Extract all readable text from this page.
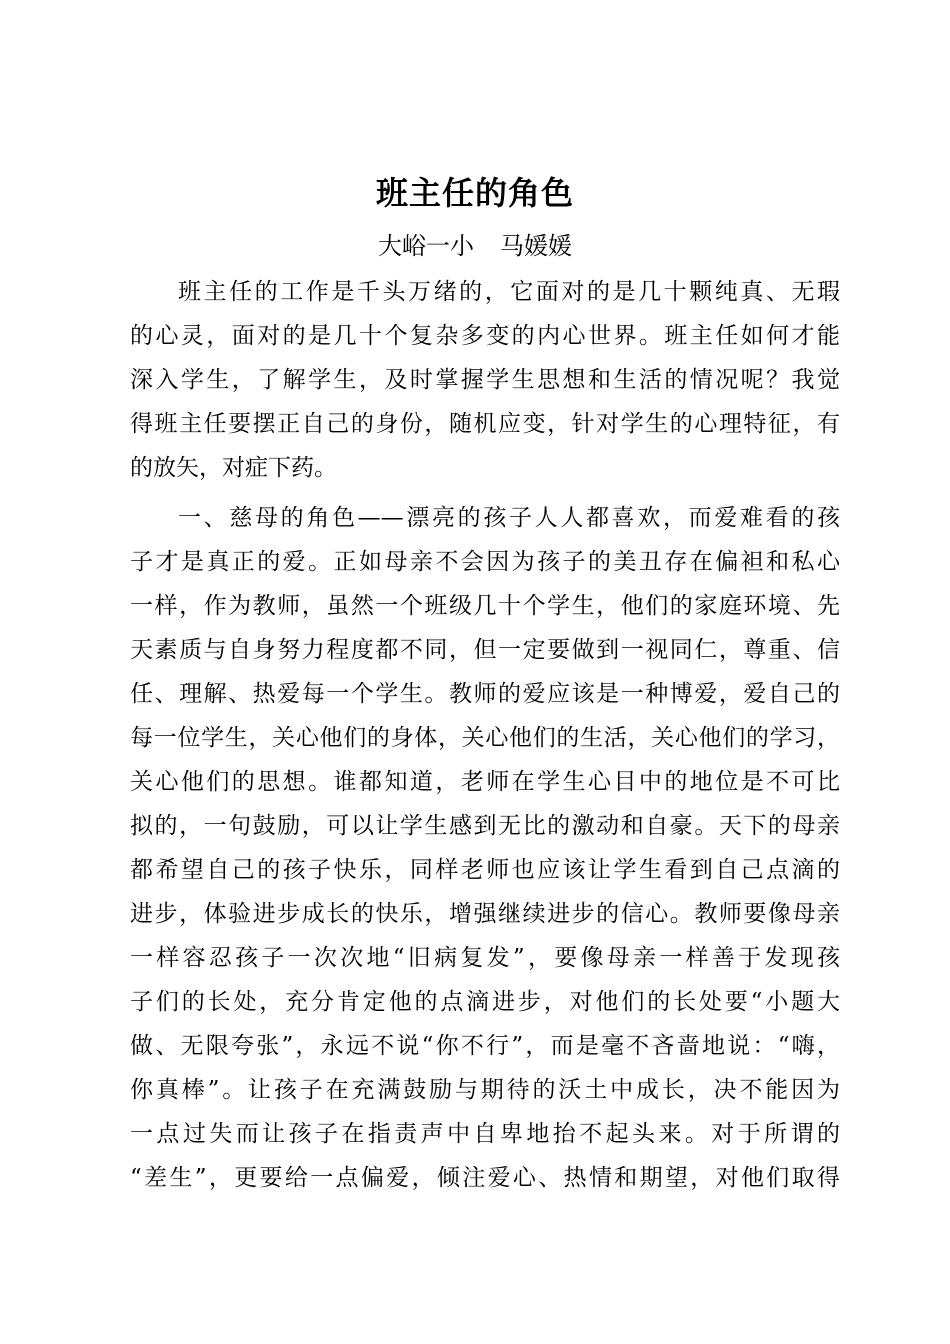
班主任的角色
大峪一小 马媛媛
班主任的工作是千头万绪的，它面对的是几十颗纯真、无瑕
的心灵，面对的是几十个复杂多变的内心世界。班主任如何才能
深入学生，了解学生，及时掌握学生思想和生活的情况呢？我觉
得班主任要摆正自己的身份，随机应变，针对学生的心理特征，有
的放矢，对症下药。
一、慈母的角色——漂亮的孩子人人都喜欢，而爱难看的孩
子才是真正的爱。正如母亲不会因为孩子的美丑存在偏袒和私心
一样，作为教师，虽然一个班级几十个学生，他们的家庭环境、先
天素质与自身努力程度都不同，但一定要做到一视同仁，尊重、信
任、理解、热爱每一个学生。教师的爱应该是一种博爱，爱自己的
每一位学生，关心他们的身体，关心他们的生活，关心他们的学习，
关心他们的思想。谁都知道，老师在学生心目中的地位是不可比
拟的，一句鼓励，可以让学生感到无比的激动和自豪。天下的母亲
都希望自己的孩子快乐，同样老师也应该让学生看到自己点滴的
进步，体验进步成长的快乐，增强继续进步的信心。教师要像母亲
一样容忍孩子一次次地“旧病复发”，要像母亲一样善于发现孩
子们的长处，充分肯定他的点滴进步，对他们的长处要“小题大
做、无限夸张”，永远不说“你不行”，而是毫不吝啬地说：“嗨，
你真棒”。让孩子在充满鼓励与期待的沃土中成长，决不能因为
一点过失而让孩子在指责声中自卑地抬不起头来。对于所谓的
“差生”，更要给一点偏爱，倾注爱心、热情和期望，对他们取得
